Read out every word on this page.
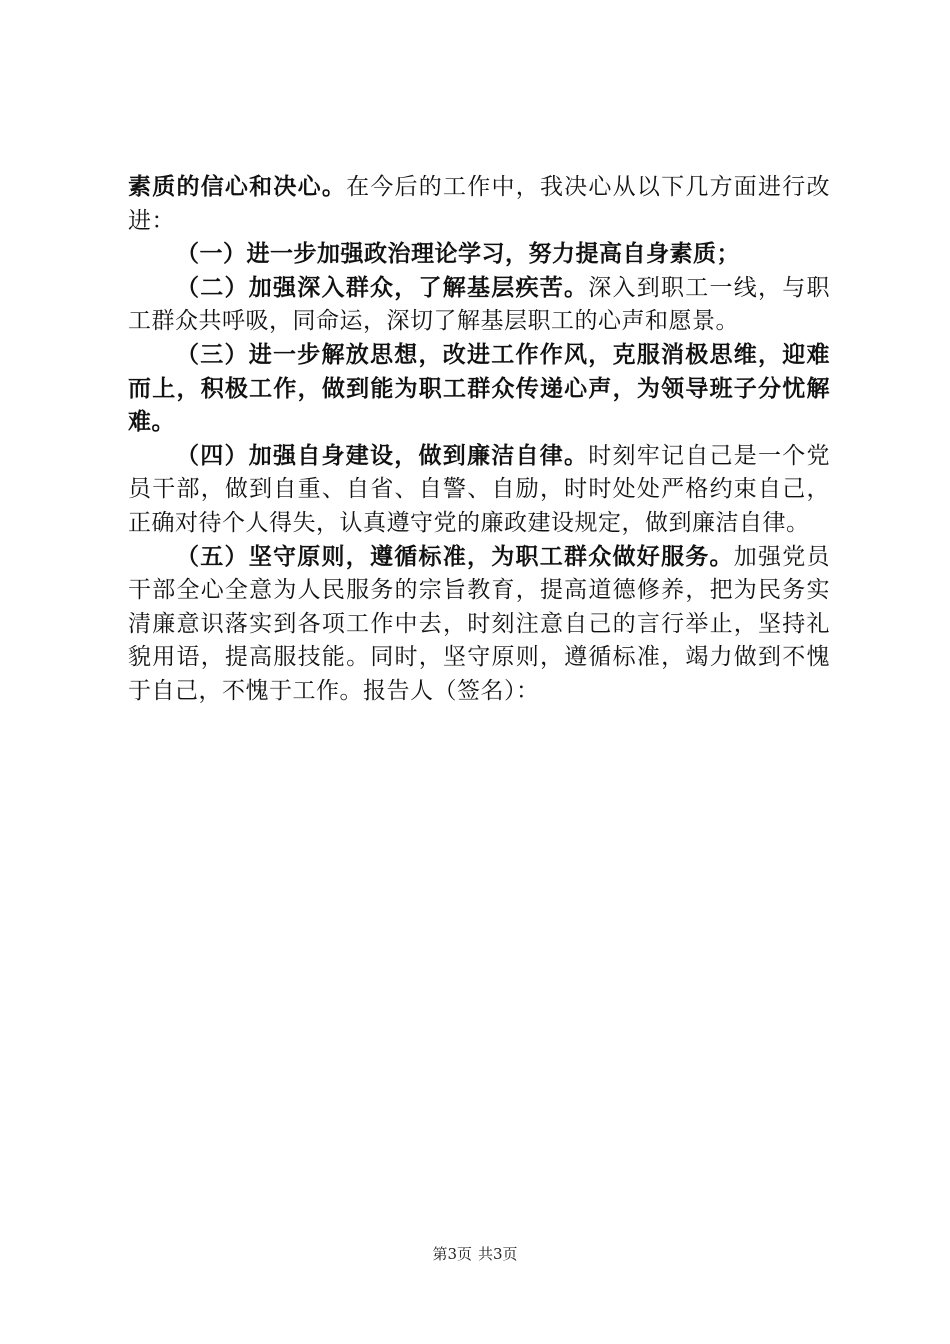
素质的信心和决心。在今后的工作中，我决心从以下几方面进行改进：

（一）进一步加强政治理论学习，努力提高自身素质；

（二）加强深入群众，了解基层疾苦。深入到职工一线，与职工群众共呼吸，同命运，深切了解基层职工的心声和愿景。

（三）进一步解放思想，改进工作作风，克服消极思维，迎难而上，积极工作，做到能为职工群众传递心声，为领导班子分忧解难。

（四）加强自身建设，做到廉洁自律。时刻牢记自己是一个党员干部，做到自重、自省、自警、自励，时时处处严格约束自己，正确对待个人得失，认真遵守党的廉政建设规定，做到廉洁自律。

（五）坚守原则，遵循标准，为职工群众做好服务。加强党员干部全心全意为人民服务的宗旨教育，提高道德修养，把为民务实清廉意识落实到各项工作中去，时刻注意自己的言行举止，坚持礼貌用语，提高服技能。同时，坚守原则，遵循标准，竭力做到不愧于自己，不愧于工作。报告人（签名）：

第3页 共3页
